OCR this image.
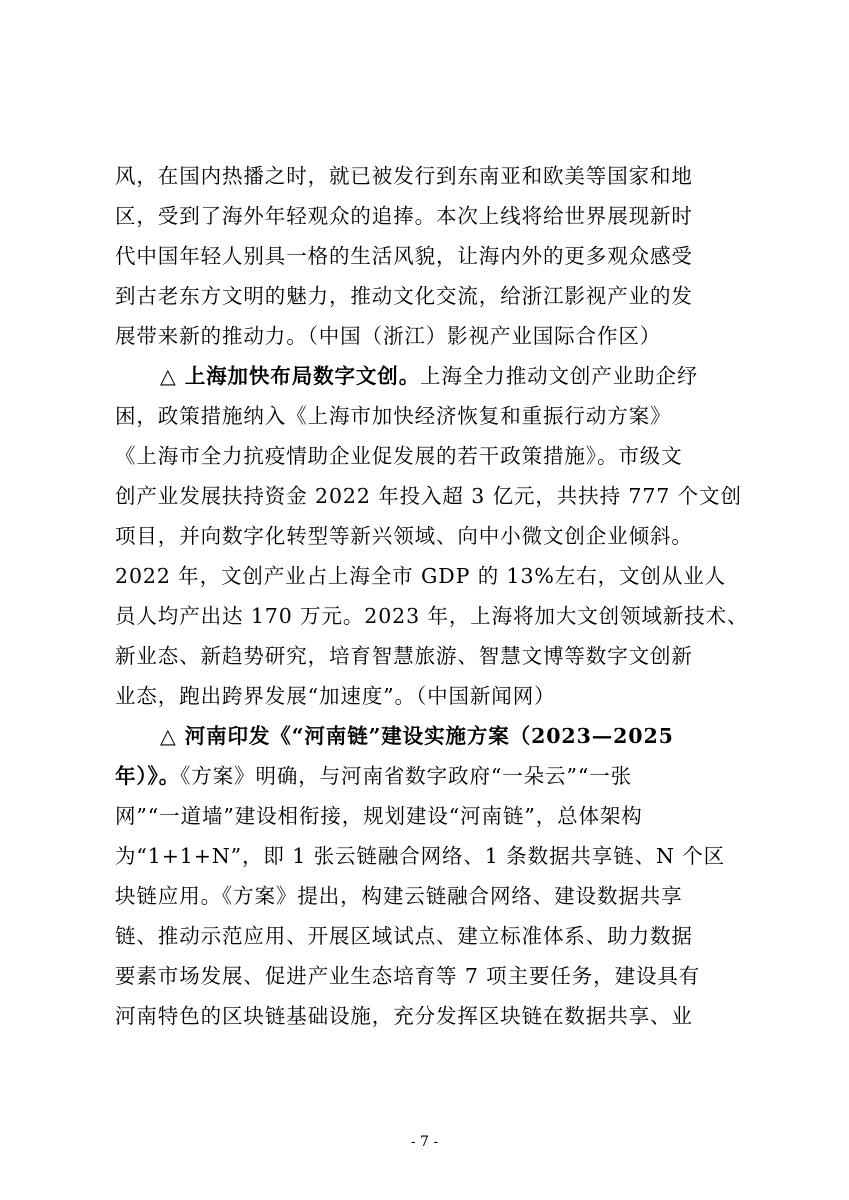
风，在国内热播之时，就已被发行到东南亚和欧美等国家和地
区，受到了海外年轻观众的追捧。本次上线将给世界展现新时
代中国年轻人别具一格的生活风貌，让海内外的更多观众感受
到古老东方文明的魅力，推动文化交流，给浙江影视产业的发
展带来新的推动力。（中国（浙江）影视产业国际合作区）
△ 上海加快布局数字文创。上海全力推动文创产业助企纾
困，政策措施纳入《上海市加快经济恢复和重振行动方案》
《上海市全力抗疫情助企业促发展的若干政策措施》。市级文
创产业发展扶持资金 2022 年投入超 3 亿元，共扶持 777 个文创
项目，并向数字化转型等新兴领域、向中小微文创企业倾斜。
2022 年，文创产业占上海全市 GDP 的 13%左右，文创从业人
员人均产出达 170 万元。2023 年，上海将加大文创领域新技术、
新业态、新趋势研究，培育智慧旅游、智慧文博等数字文创新
业态，跑出跨界发展“加速度”。（中国新闻网）
△ 河南印发《“河南链”建设实施方案（2023—2025
年）》。《方案》明确，与河南省数字政府“一朵云”“一张
网”“一道墙”建设相衔接，规划建设“河南链”，总体架构
为“1+1+N”，即 1 张云链融合网络、1 条数据共享链、N 个区
块链应用。《方案》提出，构建云链融合网络、建设数据共享
链、推动示范应用、开展区域试点、建立标准体系、助力数据
要素市场发展、促进产业生态培育等 7 项主要任务，建设具有
河南特色的区块链基础设施，充分发挥区块链在数据共享、业
- 7 -
